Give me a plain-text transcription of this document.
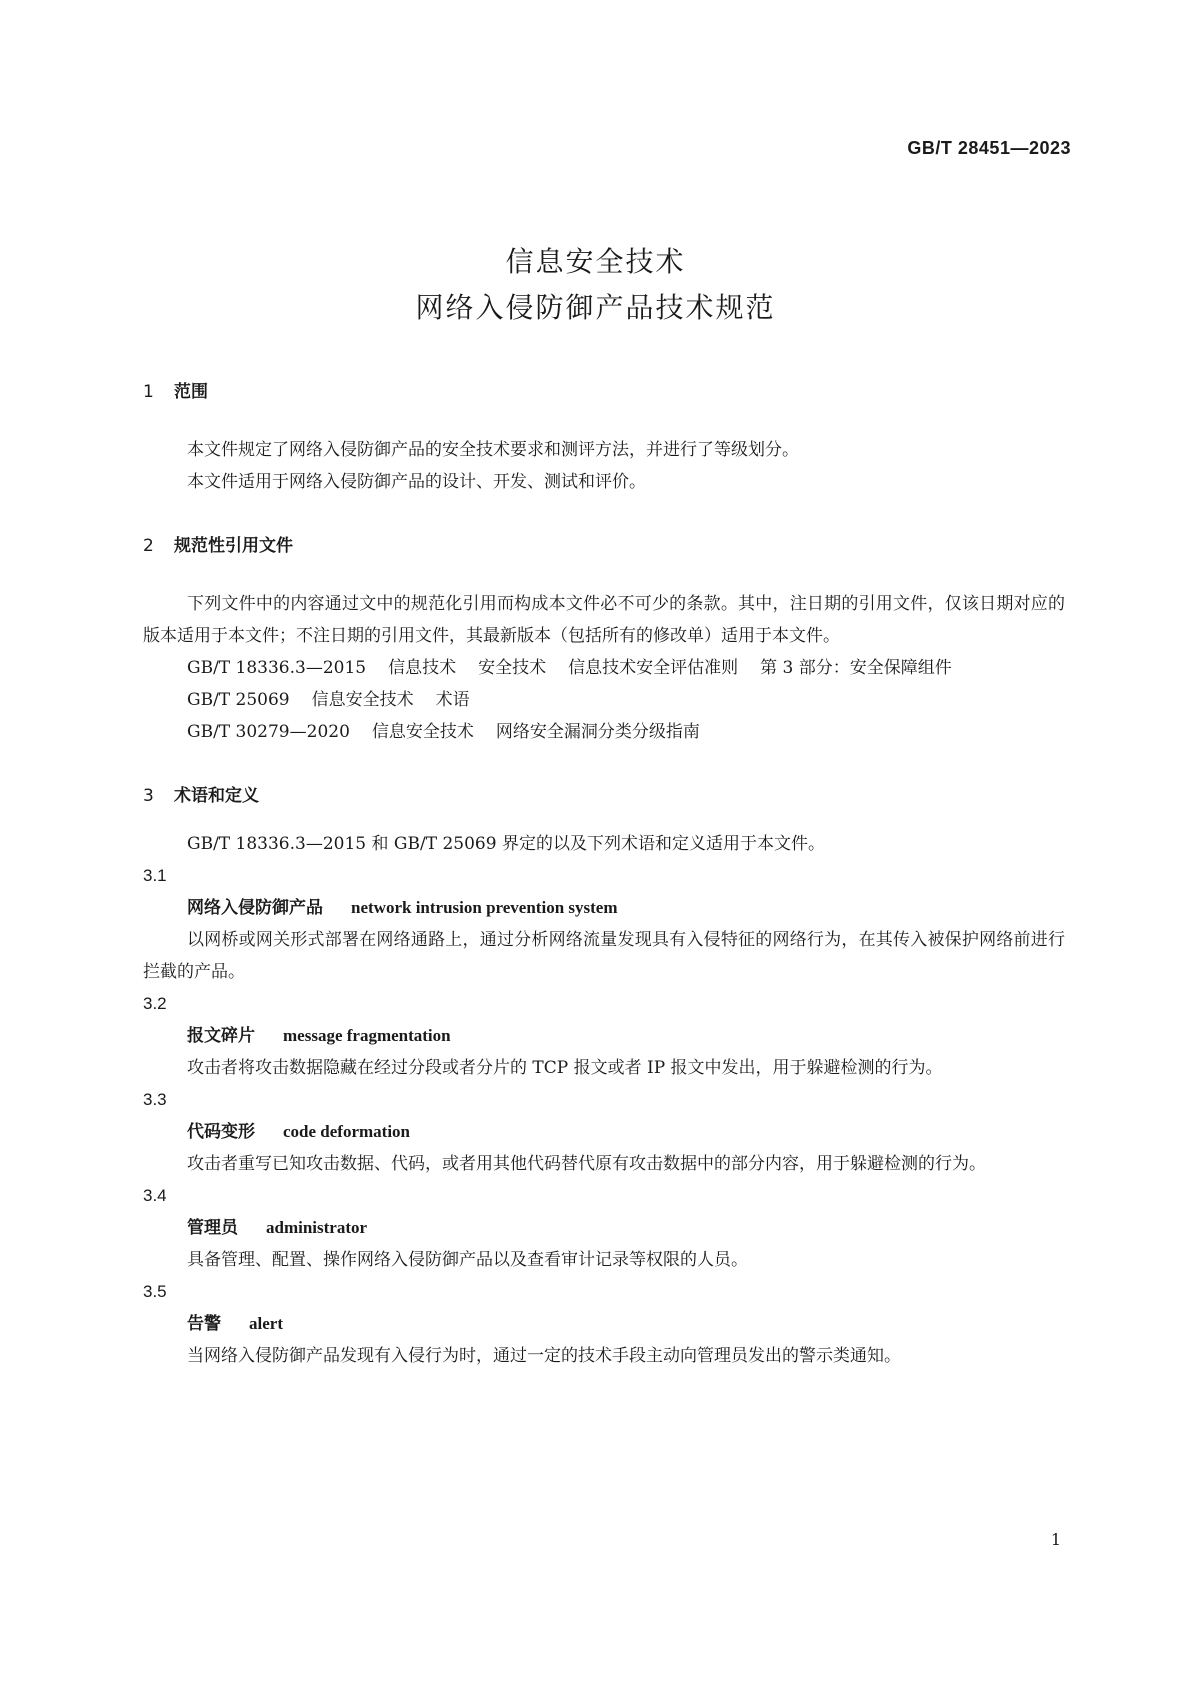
GB/T 28451—2023
信息安全技术
网络入侵防御产品技术规范
1 范围

本文件规定了网络入侵防御产品的安全技术要求和测评方法，并进行了等级划分。

本文件适用于网络入侵防御产品的设计、开发、测试和评价。

2 规范性引用文件

下列文件中的内容通过文中的规范化引用而构成本文件必不可少的条款。其中，注日期的引用文件，仅该日期对应的版本适用于本文件；不注日期的引用文件，其最新版本（包括所有的修改单）适用于本文件。

GB/T 18336.3—2015 信息技术 安全技术 信息技术安全评估准则 第 3 部分：安全保障组件

GB/T 25069 信息安全技术 术语

GB/T 30279—2020 信息安全技术 网络安全漏洞分类分级指南

3 术语和定义

GB/T 18336.3—2015 和 GB/T 25069 界定的以及下列术语和定义适用于本文件。

3.1
网络入侵防御产品 network intrusion prevention system

以网桥或网关形式部署在网络通路上，通过分析网络流量发现具有入侵特征的网络行为，在其传入被保护网络前进行拦截的产品。

3.2
报文碎片 message fragmentation

攻击者将攻击数据隐藏在经过分段或者分片的 TCP 报文或者 IP 报文中发出，用于躲避检测的行为。

3.3
代码变形 code deformation

攻击者重写已知攻击数据、代码，或者用其他代码替代原有攻击数据中的部分内容，用于躲避检测的行为。

3.4
管理员 administrator

具备管理、配置、操作网络入侵防御产品以及查看审计记录等权限的人员。

3.5
告警 alert

当网络入侵防御产品发现有入侵行为时，通过一定的技术手段主动向管理员发出的警示类通知。

1
